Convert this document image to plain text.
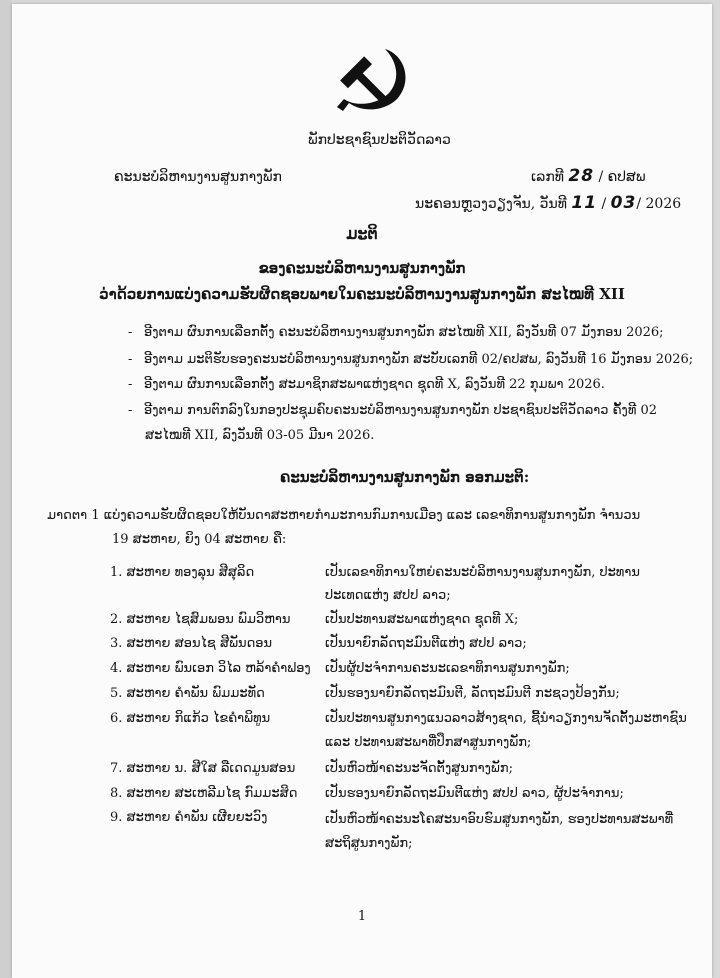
ພັກປະຊາຊົນປະຕິວັດລາວ
ຄະນະບໍລິຫານງານສູນກາງພັກ	ເລກທີ 28 / ຄປສພ
ນະຄອນຫຼວງວຽງຈັນ, ວັນທີ 11 / 03/ 2026
ມະຕິ
ຂອງຄະນະບໍລິຫານງານສູນກາງພັກ
ວ່າດ້ວຍການແບ່ງຄວາມຮັບຜິດຊອບພາຍໃນຄະນະບໍລິຫານງານສູນກາງພັກ ສະໄໝທີ XII
- ອີງຕາມ ຜົນການເລືອກຕັ້ງ ຄະນະບໍລິຫານງານສູນກາງພັກ ສະໄໝທີ XII, ລົງວັນທີ 07 ມັງກອນ 2026;
- ອີງຕາມ ມະຕິຮັບຮອງຄະນະບໍລິຫານງານສູນກາງພັກ ສະບັບເລກທີ 02/ຄປສພ, ລົງວັນທີ 16 ມັງກອນ 2026;
- ອີງຕາມ ຜົນການເລືອກຕັ້ງ ສະມາຊິກສະພາແຫ່ງຊາດ ຊຸດທີ X, ລົງວັນທີ 22 ກຸມພາ 2026.
- ອີງຕາມ ການຕົກລົງໃນກອງປະຊຸມຄົບຄະນະບໍລິຫານງານສູນກາງພັກ ປະຊາຊົນປະຕິວັດລາວ ຄັ້ງທີ 02
ສະໄໝທີ XII, ລົງວັນທີ 03-05 ມີນາ 2026.
ຄະນະບໍລິຫານງານສູນກາງພັກ ອອກມະຕິ:
ມາດຕາ 1 ແບ່ງຄວາມຮັບຜິດຊອບໃຫ້ບັນດາສະຫາຍກຳມະການກົມການເມືອງ ແລະ ເລຂາທິການສູນກາງພັກ ຈຳນວນ
19 ສະຫາຍ, ຍິງ 04 ສະຫາຍ ຄື:
1. ສະຫາຍ ທອງລຸນ ສີສຸລິດ	ເປັນເລຂາທິການໃຫຍ່ຄະນະບໍລິຫານງານສູນກາງພັກ, ປະທານ
ປະເທດແຫ່ງ ສປປ ລາວ;
2. ສະຫາຍ ໄຊສົມພອນ ພົມວິຫານ	ເປັນປະທານສະພາແຫ່ງຊາດ ຊຸດທີ X;
3. ສະຫາຍ ສອນໄຊ ສີພັນດອນ	ເປັນນາຍົກລັດຖະມົນຕີແຫ່ງ ສປປ ລາວ;
4. ສະຫາຍ ພົນເອກ ວິໄລ ຫລ້າຄຳຟອງ ເປັນຜູ້ປະຈຳການຄະນະເລຂາທິການສູນກາງພັກ;
5. ສະຫາຍ ຄຳພັນ ພົມມະທັດ	ເປັນຮອງນາຍົກລັດຖະມົນຕີ, ລັດຖະມົນຕີ ກະຊວງປ້ອງກັນ;
6. ສະຫາຍ ກິແກ້ວ ໄຂຄຳພິທູນ	ເປັນປະທານສູນກາງແນວລາວສ້າງຊາດ, ຊີ້ນຳວຽກງານຈັດຕັ້ງມະຫາຊົນ
ແລະ ປະທານສະພາທີ່ປຶກສາສູນກາງພັກ;
7. ສະຫາຍ ນ. ສີໃສ ລືເດດມູນສອນ ເປັນຫົວໜ້າຄະນະຈັດຕັ້ງສູນກາງພັກ;
8. ສະຫາຍ ສະເຫລີມໄຊ ກົມມະສິດ ເປັນຮອງນາຍົກລັດຖະມົນຕີແຫ່ງ ສປປ ລາວ, ຜູ້ປະຈຳການ;
9. ສະຫາຍ ຄຳພັນ ເຜີຍຍະວົງ	ເປັນຫົວໜ້າຄະນະໂຄສະນາອົບຮົມສູນກາງພັກ, ຮອງປະທານສະພາທີ່
ສະຖິສູນກາງພັກ;
1
